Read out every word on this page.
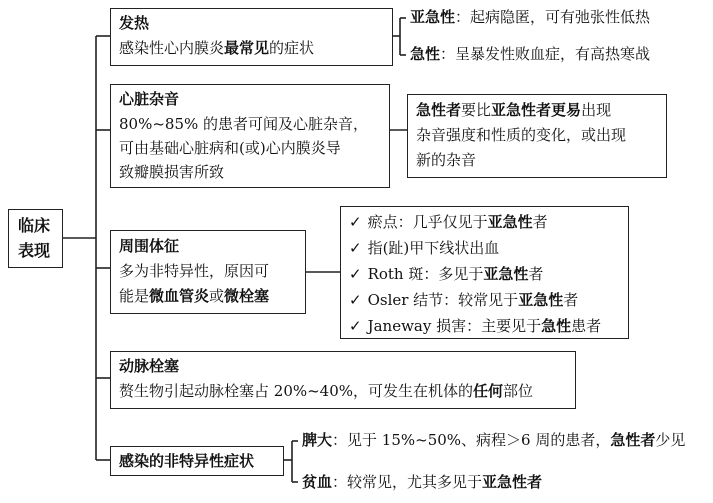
临床
表现
发热
感染性心内膜炎最常见的症状
亚急性：起病隐匿，可有弛张性低热
急性：呈暴发性败血症，有高热寒战
心脏杂音
80%~85% 的患者可闻及心脏杂音，
可由基础心脏病和(或)心内膜炎导
致瓣膜损害所致
急性者要比亚急性者更易出现
杂音强度和性质的变化，或出现
新的杂音
周围体征
多为非特异性，原因可
能是微血管炎或微栓塞
✓ 瘀点：几乎仅见于亚急性者
✓ 指(趾)甲下线状出血
✓ Roth 斑：多见于亚急性者
✓ Osler 结节：较常见于亚急性者
✓ Janeway 损害：主要见于急性患者
动脉栓塞
赘生物引起动脉栓塞占 20%~40%，可发生在机体的任何部位
感染的非特异性症状
脾大：见于 15%~50%、病程＞6 周的患者，急性者少见
贫血：较常见，尤其多见于亚急性者
